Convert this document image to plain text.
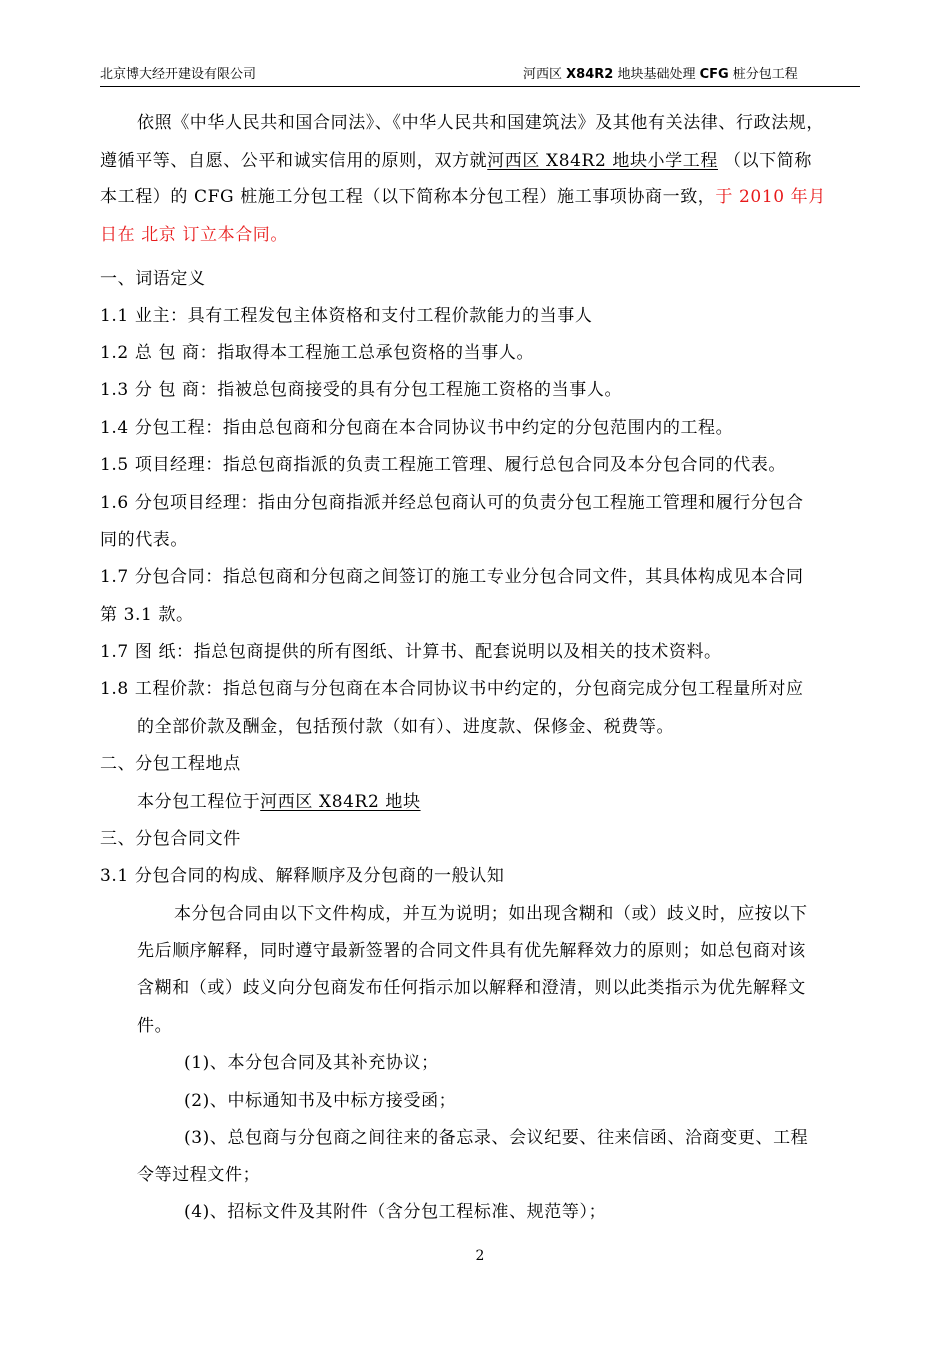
北京博大经开建设有限公司	河西区 X84R2 地块基础处理 CFG 桩分包工程
依照《中华人民共和国合同法》、《中华人民共和国建筑法》及其他有关法律、行政法规，
遵循平等、自愿、公平和诚实信用的原则，双方就河西区 X84R2 地块小学工程 （以下简称
本工程）的 CFG 桩施工分包工程（以下简称本分包工程）施工事项协商一致，于 2010 年月
日在 北京 订立本合同。
一、词语定义
1.1 业主：具有工程发包主体资格和支付工程价款能力的当事人
1.2 总 包 商：指取得本工程施工总承包资格的当事人。
1.3 分 包 商：指被总包商接受的具有分包工程施工资格的当事人。
1.4 分包工程：指由总包商和分包商在本合同协议书中约定的分包范围内的工程。
1.5 项目经理：指总包商指派的负责工程施工管理、履行总包合同及本分包合同的代表。
1.6 分包项目经理：指由分包商指派并经总包商认可的负责分包工程施工管理和履行分包合
同的代表。
1.7 分包合同：指总包商和分包商之间签订的施工专业分包合同文件，其具体构成见本合同
第 3.1 款。
1.7 图 纸：指总包商提供的所有图纸、计算书、配套说明以及相关的技术资料。
1.8 工程价款：指总包商与分包商在本合同协议书中约定的，分包商完成分包工程量所对应
的全部价款及酬金，包括预付款（如有）、进度款、保修金、税费等。
二、分包工程地点
本分包工程位于河西区 X84R2 地块
三、分包合同文件
3.1 分包合同的构成、解释顺序及分包商的一般认知
本分包合同由以下文件构成，并互为说明；如出现含糊和（或）歧义时，应按以下
先后顺序解释，同时遵守最新签署的合同文件具有优先解释效力的原则；如总包商对该
含糊和（或）歧义向分包商发布任何指示加以解释和澄清，则以此类指示为优先解释文
件。
(1)、本分包合同及其补充协议；
(2)、中标通知书及中标方接受函；
(3)、总包商与分包商之间往来的备忘录、会议纪要、往来信函、洽商变更、工程
令等过程文件；
(4)、招标文件及其附件（含分包工程标准、规范等）；
2
